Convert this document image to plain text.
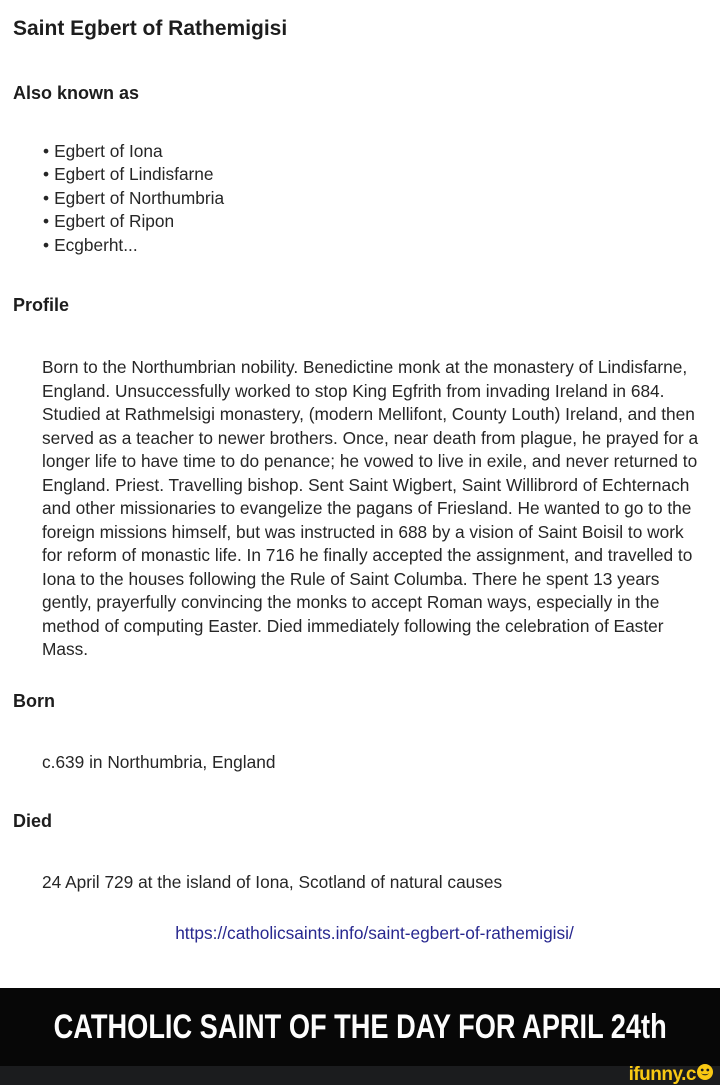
Saint Egbert of Rathemigisi
Also known as
• Egbert of Iona
• Egbert of Lindisfarne
• Egbert of Northumbria
• Egbert of Ripon
• Ecgberht...
Profile

Born to the Northumbrian nobility. Benedictine monk at the monastery of Lindisfarne, England. Unsuccessfully worked to stop King Egfrith from invading Ireland in 684. Studied at Rathmelsigi monastery, (modern Mellifont, County Louth) Ireland, and then served as a teacher to newer brothers. Once, near death from plague, he prayed for a longer life to have time to do penance; he vowed to live in exile, and never returned to England. Priest. Travelling bishop. Sent Saint Wigbert, Saint Willibrord of Echternach and other missionaries to evangelize the pagans of Friesland. He wanted to go to the foreign missions himself, but was instructed in 688 by a vision of Saint Boisil to work for reform of monastic life. In 716 he finally accepted the assignment, and travelled to Iona to the houses following the Rule of Saint Columba. There he spent 13 years gently, prayerfully convincing the monks to accept Roman ways, especially in the method of computing Easter. Died immediately following the celebration of Easter Mass.

Born

c.639 in Northumbria, England

Died

24 April 729 at the island of Iona, Scotland of natural causes

https://catholicsaints.info/saint-egbert-of-rathemigisi/
CATHOLIC SAINT OF THE DAY FOR APRIL 24th
ifunny.c
